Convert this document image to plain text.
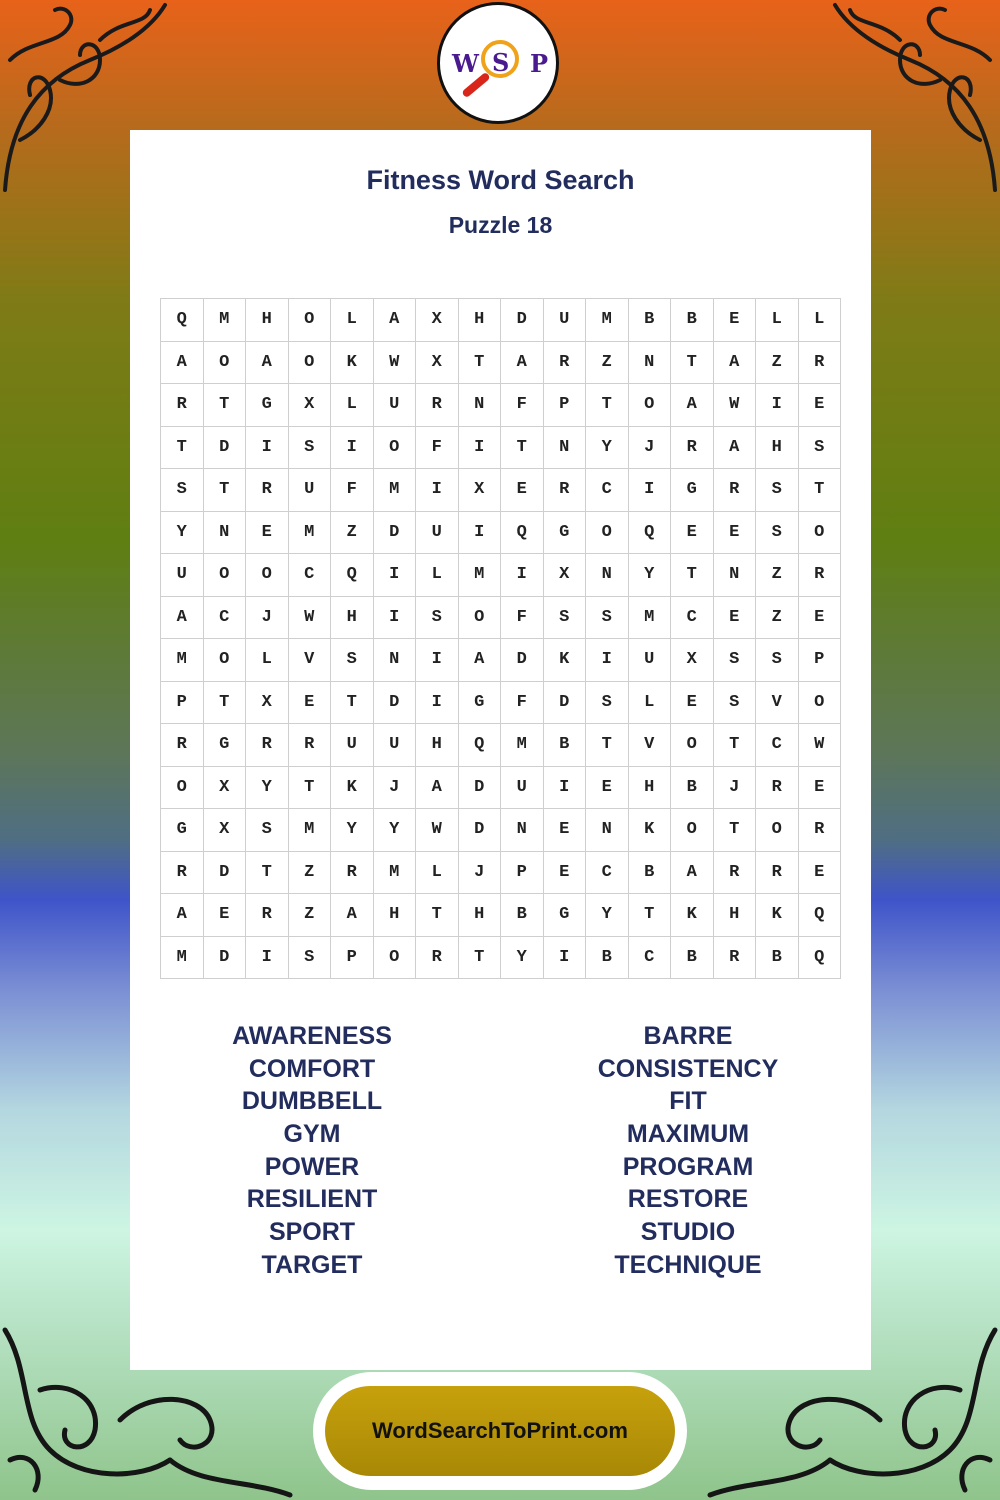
W S P
Fitness Word Search
Puzzle 18
Q	M	H	O	L	A	X	H	D	U	M	B	B	E	L	L
A	O	A	O	K	W	X	T	A	R	Z	N	T	A	Z	R
R	T	G	X	L	U	R	N	F	P	T	O	A	W	I	E
T	D	I	S	I	O	F	I	T	N	Y	J	R	A	H	S
S	T	R	U	F	M	I	X	E	R	C	I	G	R	S	T
Y	N	E	M	Z	D	U	I	Q	G	O	Q	E	E	S	O
U	O	O	C	Q	I	L	M	I	X	N	Y	T	N	Z	R
A	C	J	W	H	I	S	O	F	S	S	M	C	E	Z	E
M	O	L	V	S	N	I	A	D	K	I	U	X	S	S	P
P	T	X	E	T	D	I	G	F	D	S	L	E	S	V	O
R	G	R	R	U	U	H	Q	M	B	T	V	O	T	C	W
O	X	Y	T	K	J	A	D	U	I	E	H	B	J	R	E
G	X	S	M	Y	Y	W	D	N	E	N	K	O	T	O	R
R	D	T	Z	R	M	L	J	P	E	C	B	A	R	R	E
A	E	R	Z	A	H	T	H	B	G	Y	T	K	H	K	Q
M	D	I	S	P	O	R	T	Y	I	B	C	B	R	B	Q
AWARENESS
COMFORT
DUMBBELL
GYM
POWER
RESILIENT
SPORT
TARGET
BARRE
CONSISTENCY
FIT
MAXIMUM
PROGRAM
RESTORE
STUDIO
TECHNIQUE
WordSearchToPrint.com
